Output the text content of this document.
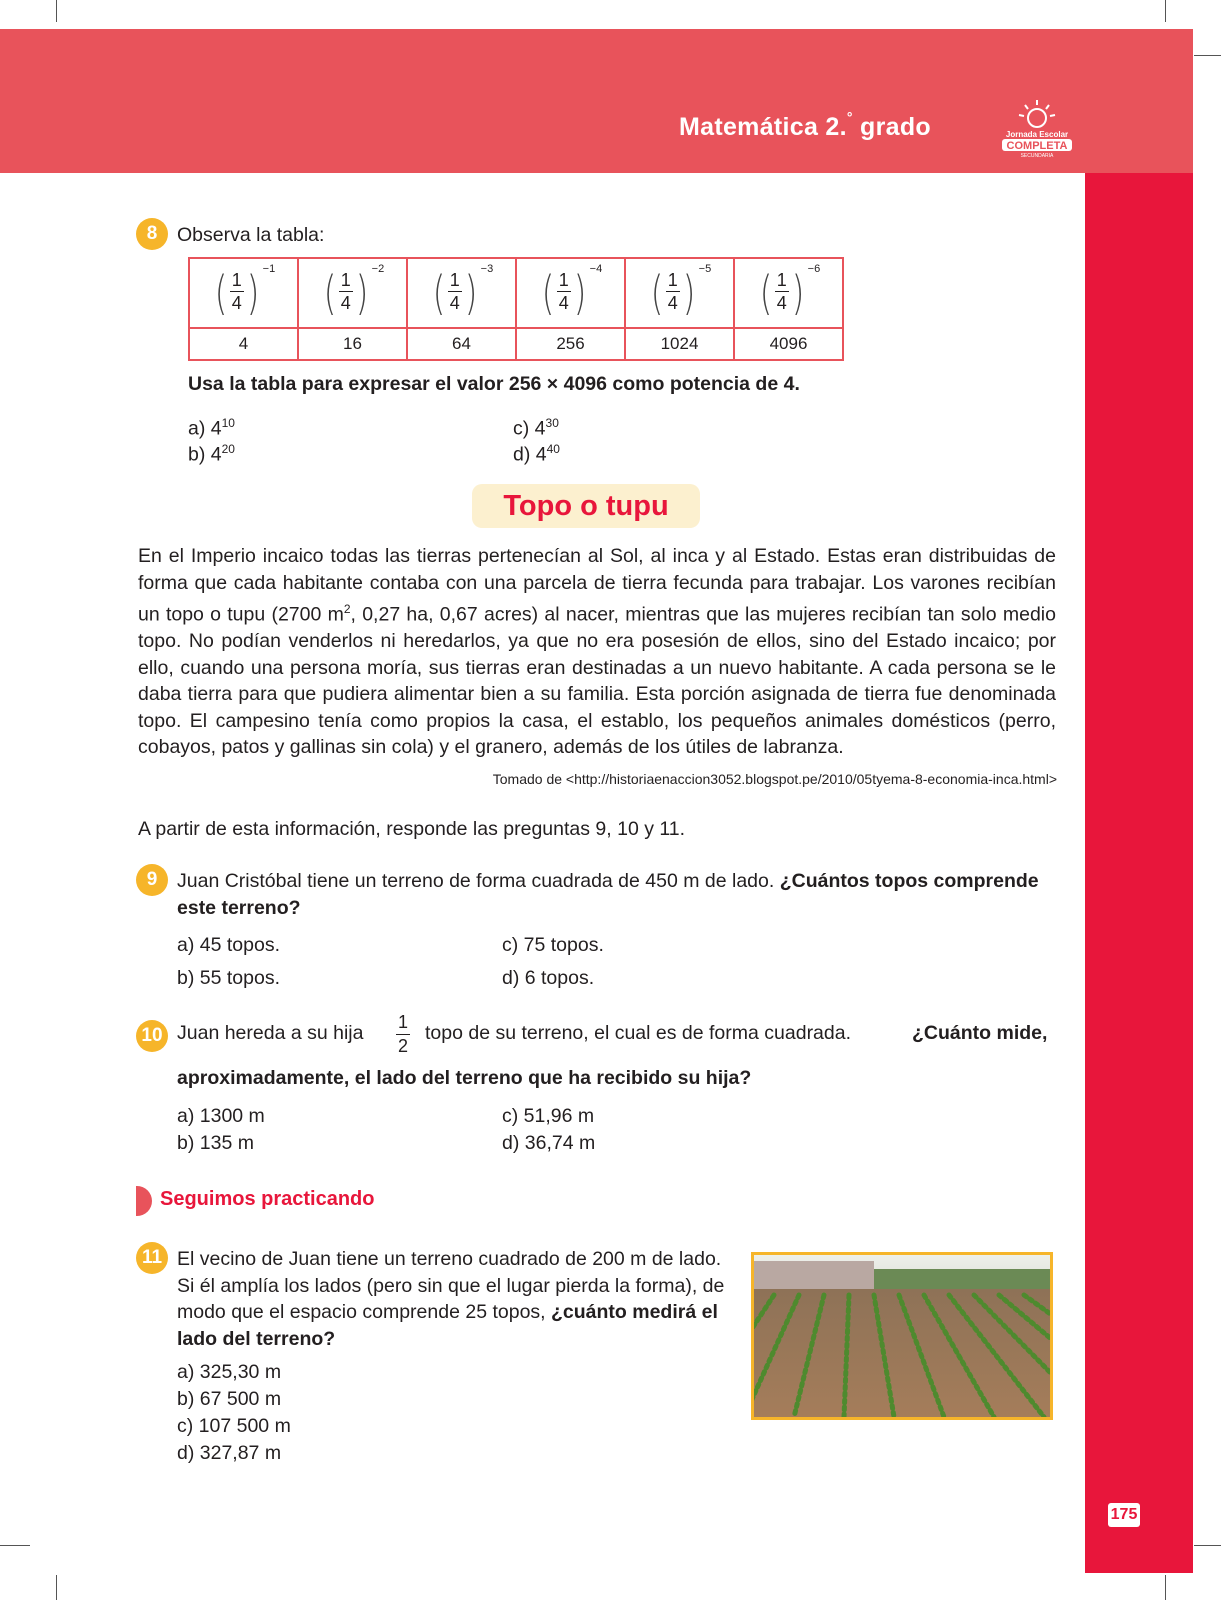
Matemática 2.° grado	Jornada Escolar
COMPLETA
SECUNDARIA
175
8	Observa la tabla:
( 1
4 ) −1	( 1
4 ) −2	( 1
4 ) −3	( 1
4 ) −4	( 1
4 ) −5	( 1
4 ) −6

4	16	64	256	1024	4096
Usa la tabla para expresar el valor 256 × 4096 como potencia de 4.
a) $4^{10}$
b) $4^{20}$
c) $4^{30}$
d) $4^{40}$
Topo o tupu
En el Imperio incaico todas las tierras pertenecían al Sol, al inca y al Estado. Estas eran distribuidas de forma que cada habitante contaba con una parcela de tierra fecunda para trabajar. Los varones recibían un topo o tupu (2700 $m^2$, 0,27 ha, 0,67 acres) al nacer, mientras que las mujeres recibían tan solo medio topo. No podían venderlos ni heredarlos, ya que no era posesión de ellos, sino del Estado incaico; por ello, cuando una persona moría, sus tierras eran destinadas a un nuevo habitante. A cada persona se le daba tierra para que pudiera alimentar bien a su familia. Esta porción asignada de tierra fue denominada topo. El campesino tenía como propios la casa, el establo, los pequeños animales domésticos (perro, cobayos, patos y gallinas sin cola) y el granero, además de los útiles de labranza.
Tomado de <http://historiaenaccion3052.blogspot.pe/2010/05tyema-8-economia-inca.html>
A partir de esta información, responde las preguntas 9, 10 y 11.
9	Juan Cristóbal tiene un terreno de forma cuadrada de 450 m de lado. ¿Cuántos topos comprende este terreno?
a) 45 topos.
b) 55 topos.
c) 75 topos.
d) 6 topos.
10 Juan hereda a su hija 1
2
topo de su terreno, el cual es de forma cuadrada.	¿Cuánto mide,
aproximadamente, el lado del terreno que ha recibido su hija?
a) 1300 m
b) 135 m
c) 51,96 m
d) 36,74 m
Seguimos practicando
11 El vecino de Juan tiene un terreno cuadrado de 200 m de lado. Si él amplía los lados (pero sin que el lugar pierda la forma), de modo que el espacio comprende 25 topos, ¿cuánto medirá el lado del terreno?
a) 325,30 m
b) 67 500 m
c) 107 500 m
d) 327,87 m
